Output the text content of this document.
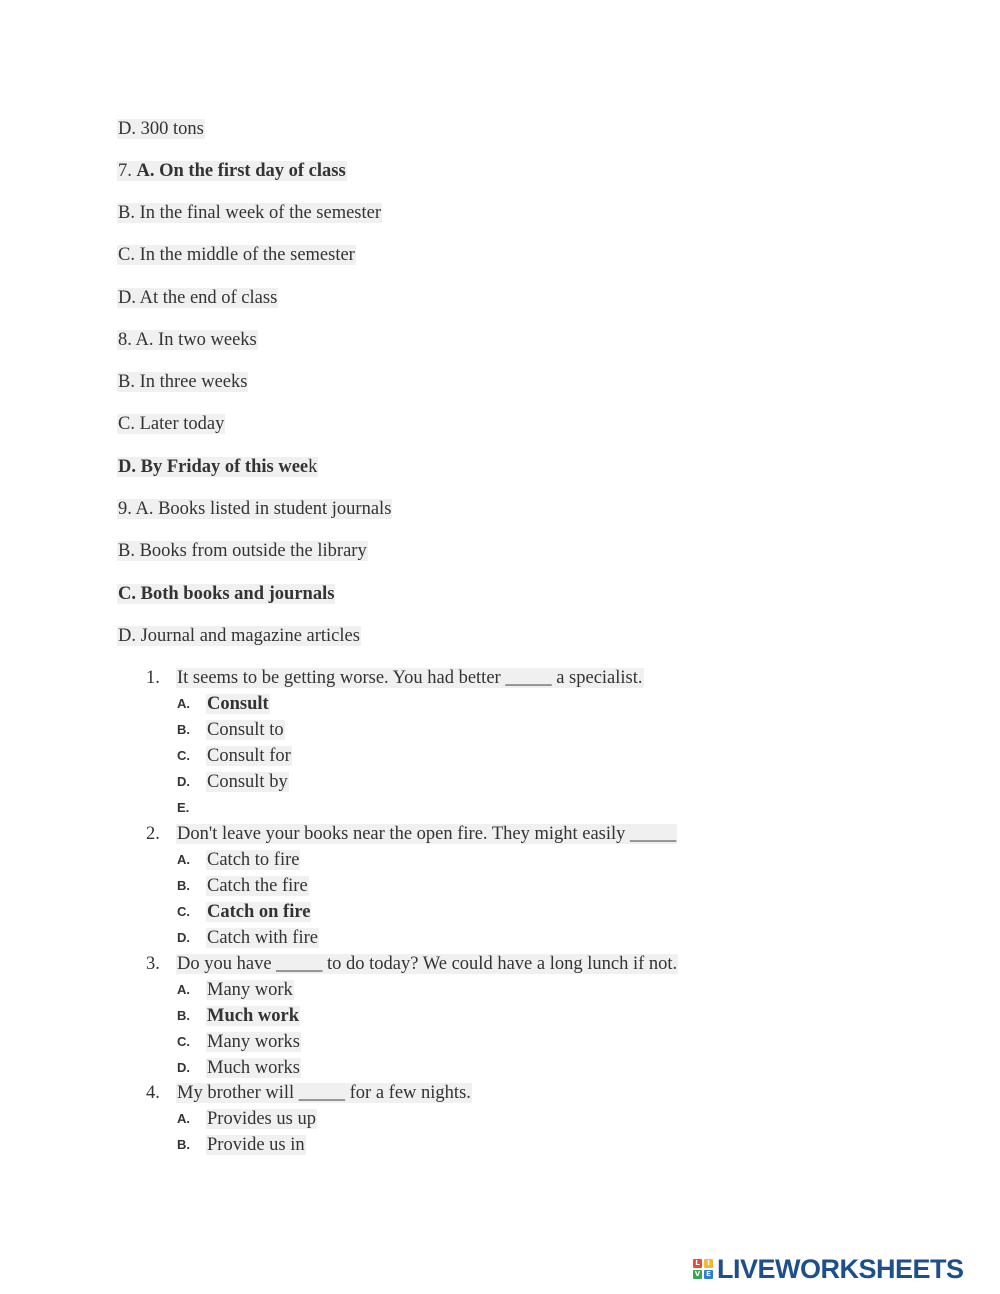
D. 300 tons
7. A. On the first day of class
B. In the final week of the semester
C. In the middle of the semester
D. At the end of class
8. A. In two weeks
B. In three weeks
C. Later today
D. By Friday of this week
9. A. Books listed in student journals
B. Books from outside the library
C. Both books and journals
D. Journal and magazine articles
1. It seems to be getting worse. You had better _____ a specialist.
A. Consult
B. Consult to
C. Consult for
D. Consult by
E.
2. Don't leave your books near the open fire. They might easily _____
A. Catch to fire
B. Catch the fire
C. Catch on fire
D. Catch with fire
3. Do you have _____ to do today? We could have a long lunch if not.
A. Many work
B. Much work
C. Many works
D. Much works
4. My brother will _____ for a few nights.
A. Provides us up
B. Provide us in
L	I
V E LIVEWORKSHEETS
